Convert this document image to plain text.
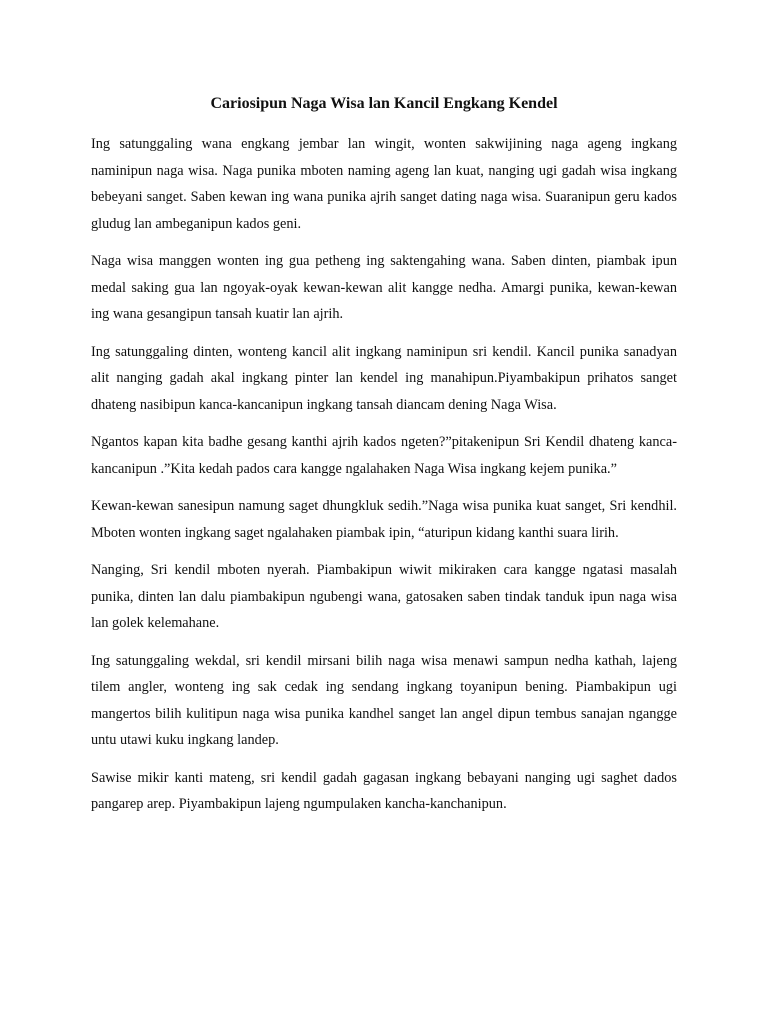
Cariosipun Naga Wisa lan Kancil Engkang Kendel

Ing satunggaling wana engkang jembar lan wingit, wonten sakwijining naga ageng ingkang naminipun naga wisa. Naga punika mboten naming ageng lan kuat, nanging ugi gadah wisa ingkang bebeyani sanget. Saben kewan ing wana punika ajrih sanget dating naga wisa. Suaranipun geru kados gludug lan ambeganipun kados geni.

Naga wisa manggen wonten ing gua petheng ing saktengahing wana. Saben dinten, piambak ipun medal saking gua lan ngoyak-oyak kewan-kewan alit kangge nedha. Amargi punika, kewan-kewan ing wana gesangipun tansah kuatir lan ajrih.

Ing satunggaling dinten, wonteng kancil alit ingkang naminipun sri kendil. Kancil punika sanadyan alit nanging gadah akal ingkang pinter lan kendel ing manahipun.Piyambakipun prihatos sanget dhateng nasibipun kanca-kancanipun ingkang tansah diancam dening Naga Wisa.

Ngantos kapan kita badhe gesang kanthi ajrih kados ngeten?”pitakenipun Sri Kendil dhateng kanca-kancanipun .”Kita kedah pados cara kangge ngalahaken Naga Wisa ingkang kejem punika.”

Kewan-kewan sanesipun namung saget dhungkluk sedih.”Naga wisa punika kuat sanget, Sri kendhil. Mboten wonten ingkang saget ngalahaken piambak ipin, “aturipun kidang kanthi suara lirih.

Nanging, Sri kendil mboten nyerah. Piambakipun wiwit mikiraken cara kangge ngatasi masalah punika, dinten lan dalu piambakipun ngubengi wana, gatosaken saben tindak tanduk ipun naga wisa lan golek kelemahane.

Ing satunggaling wekdal, sri kendil mirsani bilih naga wisa menawi sampun nedha kathah, lajeng tilem angler, wonteng ing sak cedak ing sendang ingkang toyanipun bening. Piambakipun ugi mangertos bilih kulitipun naga wisa punika kandhel sanget lan angel dipun tembus sanajan ngangge untu utawi kuku ingkang landep.

Sawise mikir kanti mateng, sri kendil gadah gagasan ingkang bebayani nanging ugi saghet dados pangarep arep. Piyambakipun lajeng ngumpulaken kancha-kanchanipun.
